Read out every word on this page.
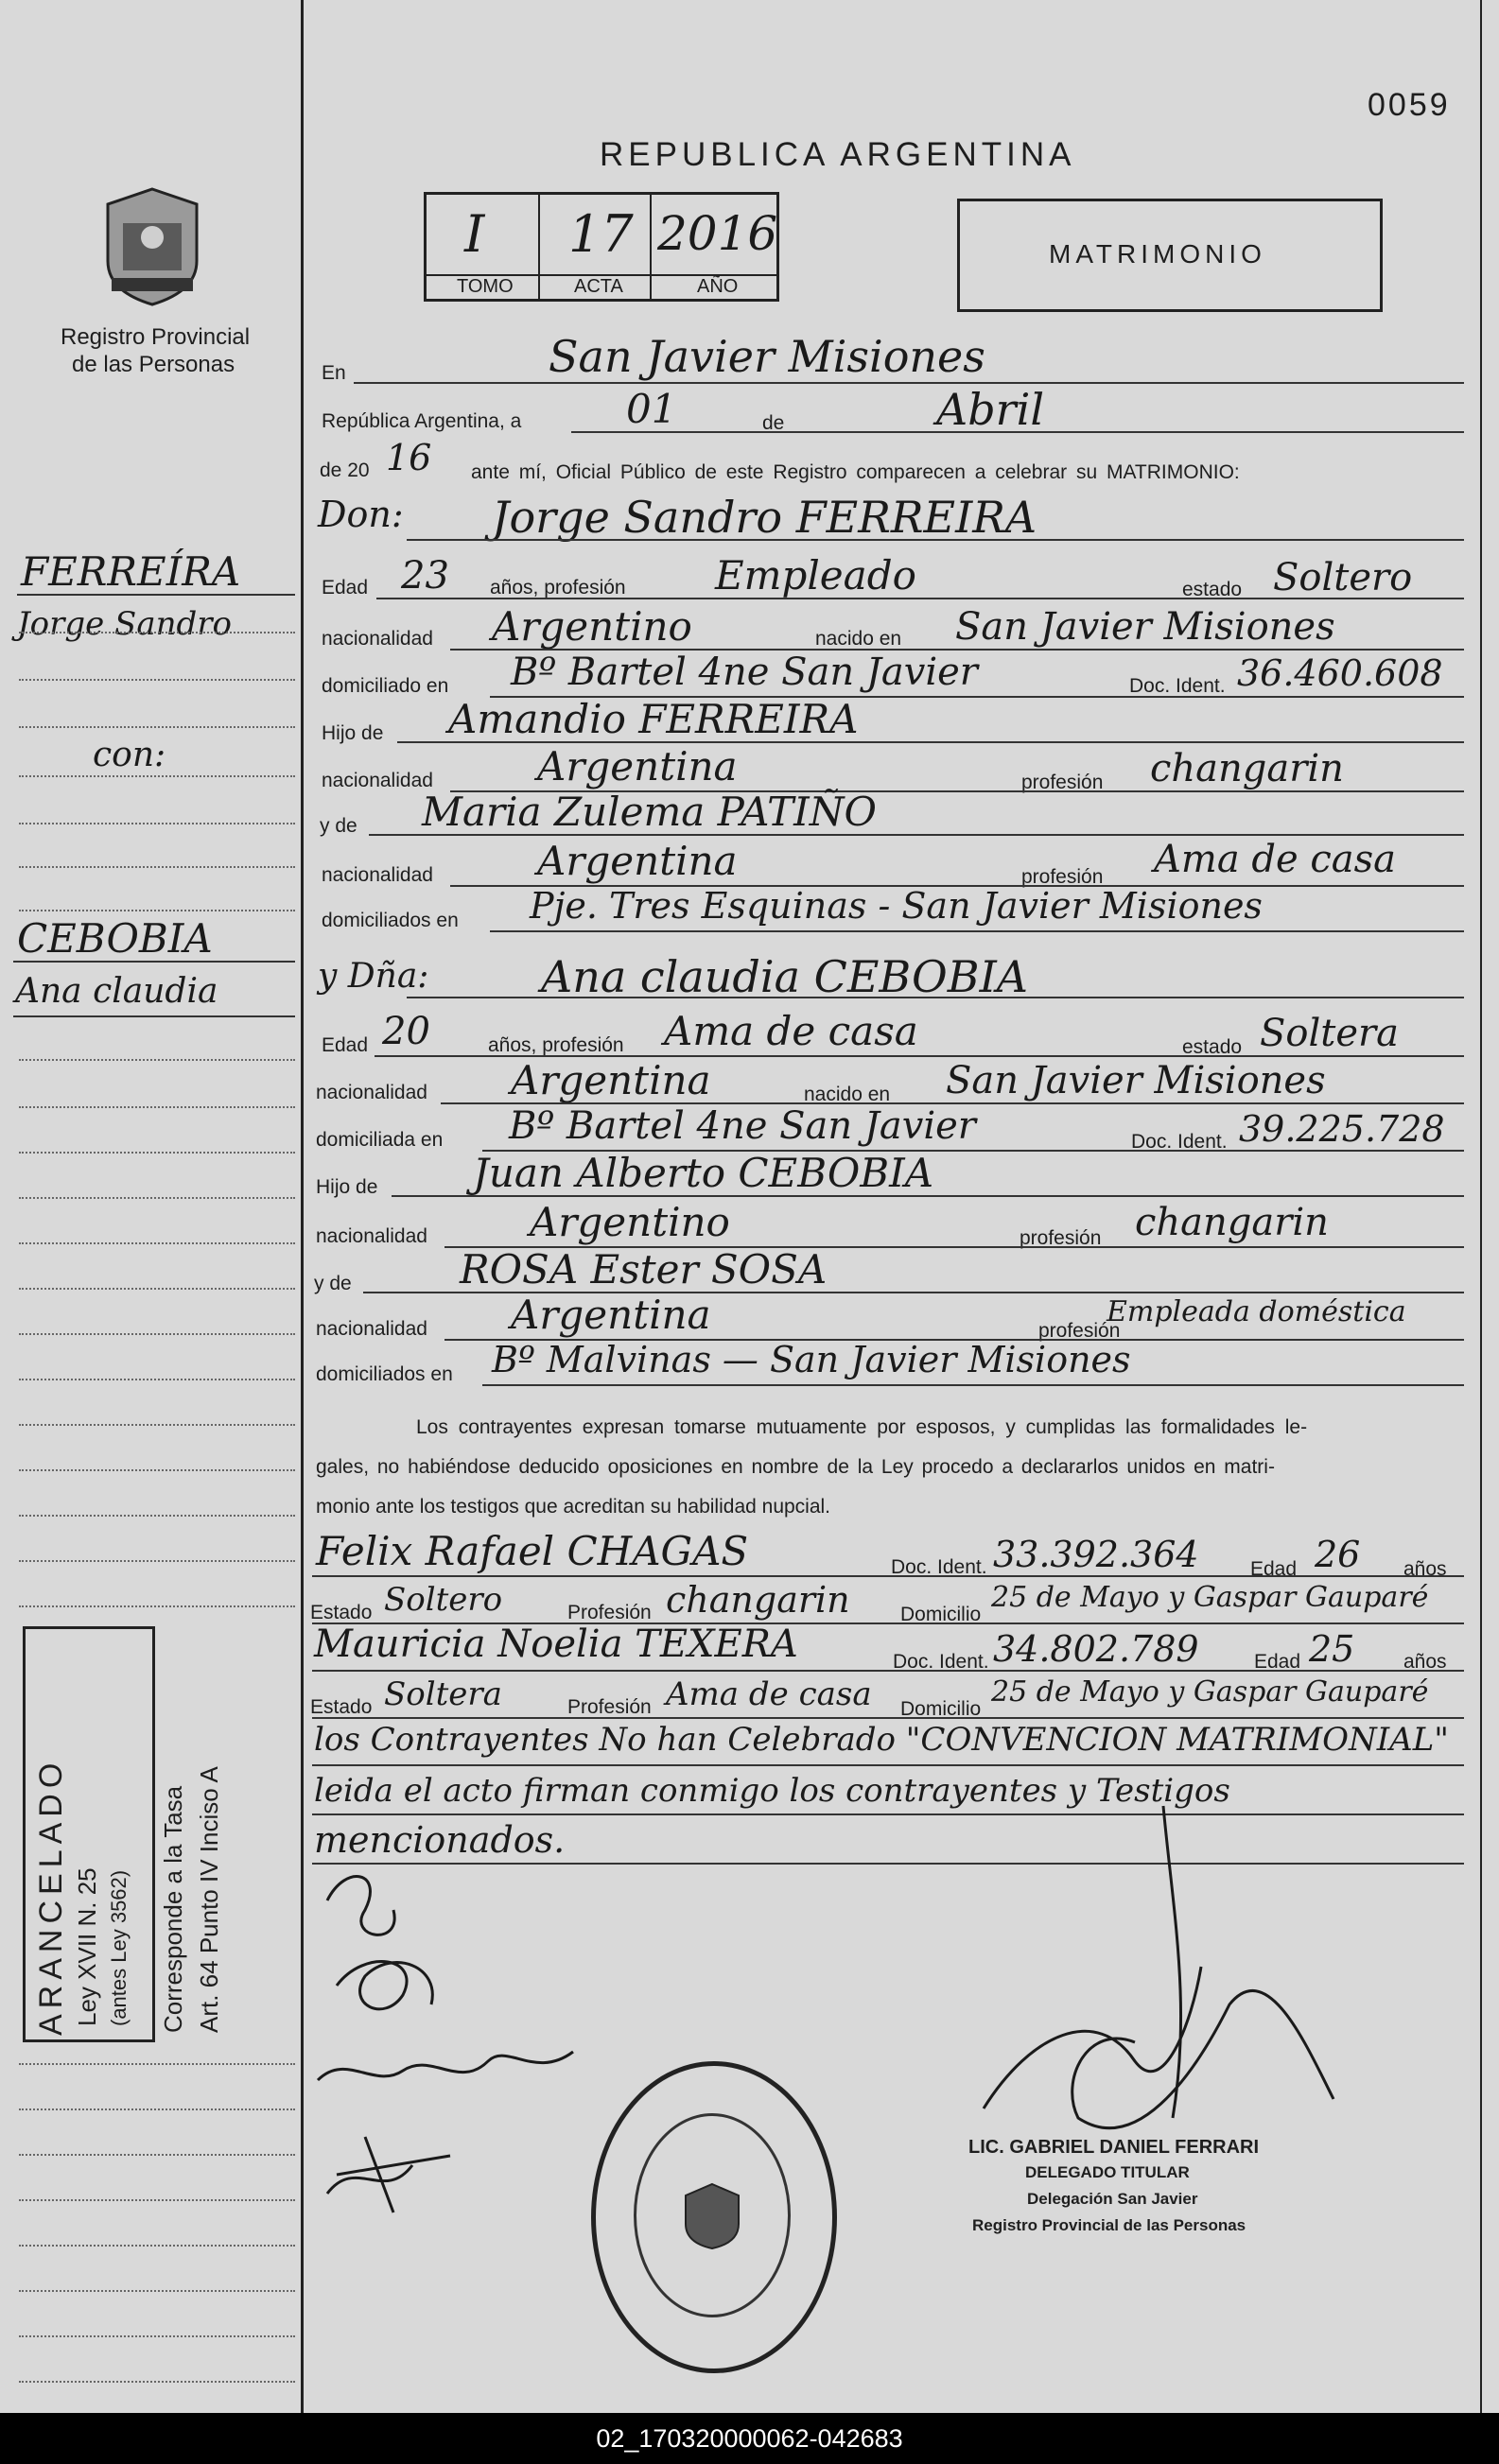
0059
Registro Provincial
de las Personas
REPUBLICA ARGENTINA
I 17 2016
TOMO	ACTA	AÑO
MATRIMONIO
FERREÍRA
Jorge Sandro
con:
CEBOBIA
Ana claudia
En	San Javier Misiones
República Argentina, a	01	de	Abril
de 20 16 ante mí, Oficial Público de este Registro comparecen a celebrar su MATRIMONIO:
Don: Jorge Sandro FERREIRA
Edad 23 años, profesión Empleado	estado Soltero
nacionalidad Argentino	nacido en San Javier Misiones
domiciliado en Bº Bartel 4ne San Javier	Doc. Ident. 36.460.608
Hijo de Amandio FERREIRA
nacionalidad	Argentina	profesión changarin
y de Maria Zulema PATIÑO
nacionalidad	Argentina	profesión Ama de casa
domiciliados en Pje. Tres Esquinas - San Javier Misiones
y Dña:	Ana claudia CEBOBIA
Edad 20	años, profesión Ama de casa	estado Soltera
nacionalidad Argentina	nacido en San Javier Misiones
domiciliada en Bº Bartel 4ne San Javier	Doc. Ident. 39.225.728
Hijo de Juan Alberto CEBOBIA
nacionalidad	Argentino	profesión changarin
y de	ROSA Ester SOSA
nacionalidad Argentina	profesión
Empleada doméstica
domiciliados en Bº Malvinas — San Javier Misiones
Los contrayentes expresan tomarse mutuamente por esposos, y cumplidas las formalidades le-
gales, no habiéndose deducido oposiciones en nombre de la Ley procedo a declararlos unidos en matri-
monio ante los testigos que acreditan su habilidad nupcial.
Felix Rafael CHAGAS	Doc. Ident. 33.392.364	Edad 26 años
Estado Soltero	Profesión changarin	Domicilio
25 de Mayo y Gaspar Gauparé
Mauricia Noelia TEXERA	Doc. Ident. 34.802.789	Edad 25 años
Estado Soltera	Profesión Ama de casa Domicilio
25 de Mayo y Gaspar Gauparé
los Contrayentes No han Celebrado "CONVENCION MATRIMONIAL"
leida el acto firman conmigo los contrayentes y Testigos
mencionados.
ARANCELADO Ley XVII N. 25 (antes Ley 3562) Corresponde a la Tasa Art. 64 Punto IV Inciso A
LIC. GABRIEL DANIEL FERRARI
DELEGADO TITULAR
Delegación San Javier
Registro Provincial de las Personas
02_170320000062-042683
